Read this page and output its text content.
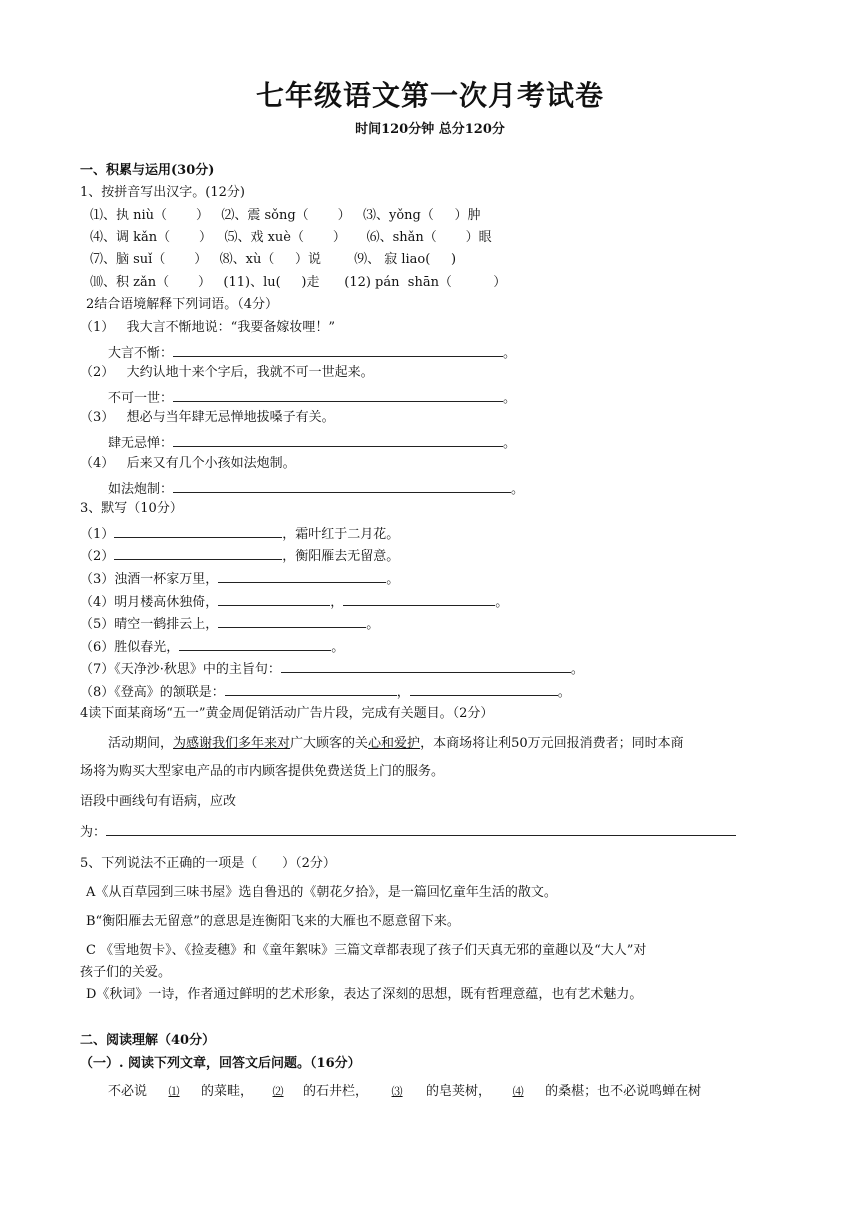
七年级语文第一次月考试卷
时间120分钟 总分120分
一、积累与运用(30分)
1、按拼音写出汉字。(12分)
⑴、执 niù（       ）   ⑵、震 sǒng（       ）   ⑶、yǒng（     ）肿
⑷、调 kǎn（       ）   ⑸、戏 xuè（       ）     ⑹、shǎn（       ）眼
⑺、脑 suǐ（       ）   ⑻、xù（     ）说        ⑼、 寂 liao(     )
⑽、积 zǎn（       ）   (11)、lu(     )走      (12) pán  shān（          ）
2结合语境解释下列词语。（4分）
（1）   我大言不惭地说：“我要备嫁妆哩！”
大言不惭：	。
（2）   大约认地十来个字后，我就不可一世起来。
不可一世：	。
（3）   想必与当年肆无忌惮地拔嗓子有关。
肆无忌惮：	。
（4）   后来又有几个小孩如法炮制。
如法炮制：	。
3、默写（10分）
（1）	，霜叶红于二月花。
（2）	，衡阳雁去无留意。
（3）浊酒一杯家万里，	。
（4）明月楼高休独倚，	，	。
（5）晴空一鹤排云上，	。
（6）胜似春光，	。
（7）《天净沙·秋思》中的主旨句：	。
（8）《登高》的颔联是：	，	。
4读下面某商场“五一”黄金周促销活动广告片段，完成有关题目。（2分）
活动期间，为感谢我们多年来对广大顾客的关心和爱护，本商场将让利50万元回报消费者；同时本商
场将为购买大型家电产品的市内顾客提供免费送货上门的服务。
语段中画线句有语病，应改
为：
5、下列说法不正确的一项是（      ）（2分）
A《从百草园到三味书屋》选自鲁迅的《朝花夕拾》，是一篇回忆童年生活的散文。
B“衡阳雁去无留意”的意思是连衡阳飞来的大雁也不愿意留下来。
C 《雪地贺卡》、《捡麦穗》和《童年絮味》三篇文章都表现了孩子们天真无邪的童趣以及“大人”对
孩子们的关爱。
D《秋词》一诗，作者通过鲜明的艺术形象，表达了深刻的思想，既有哲理意蕴，也有艺术魅力。
二、阅读理解（40分）
（一）. 阅读下列文章，回答文后问题。（16分）
不必说 ⑴ 的菜畦， ⑵ 的石井栏， ⑶ 的皂荚树， ⑷ 的桑椹；也不必说鸣蝉在树
